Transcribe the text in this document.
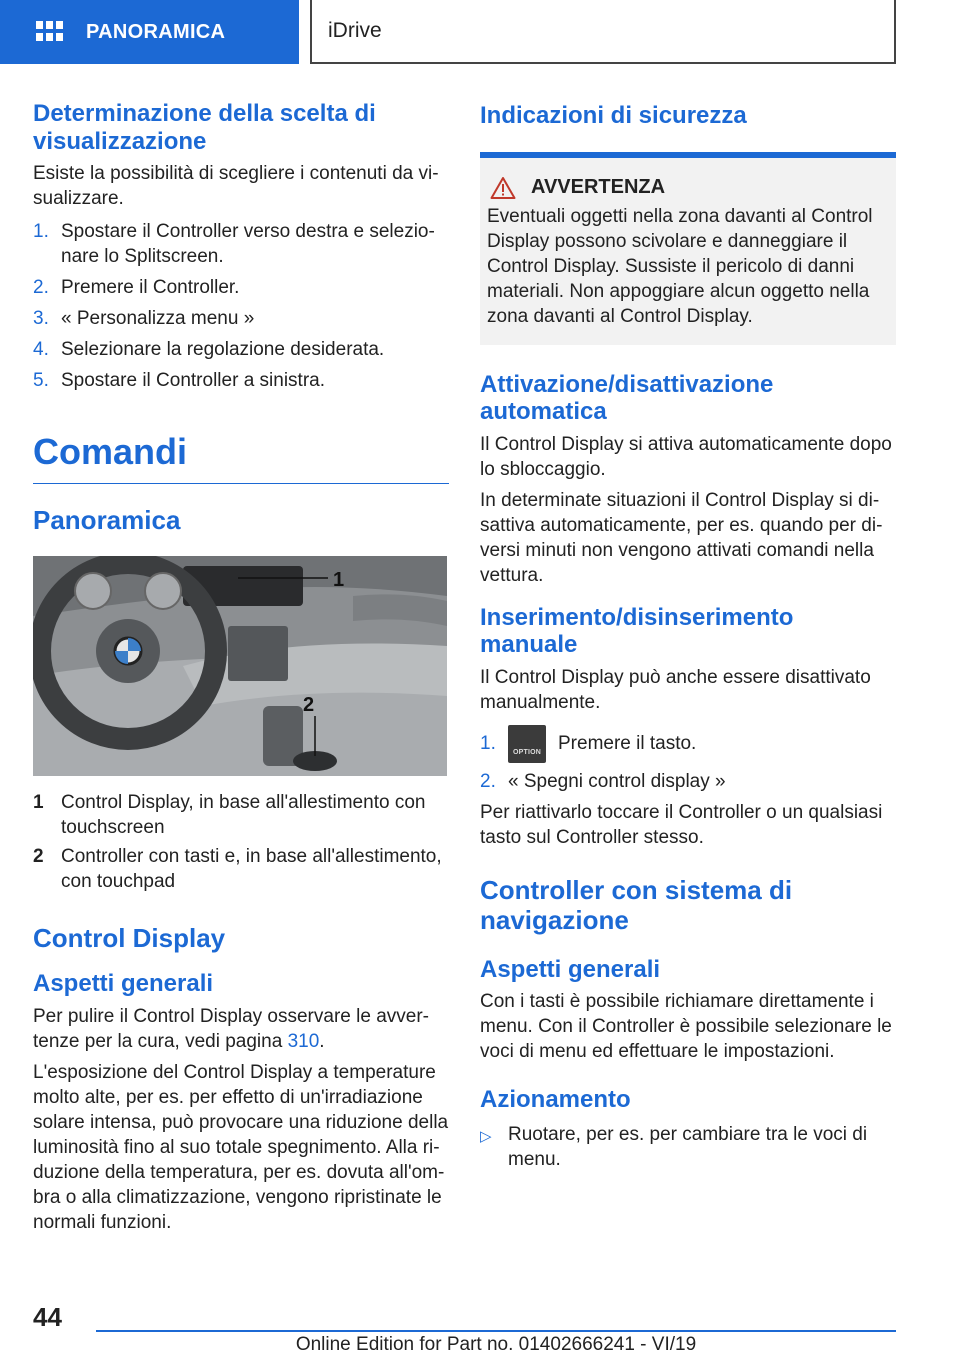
PANORAMICA	iDrive
Determinazione della scelta di visualizzazione
Esiste la possibilità di scegliere i contenuti da visualizzare.
1. Spostare il Controller verso destra e selezionare lo Splitscreen.
2. Premere il Controller.
3. « Personalizza menu »
4. Selezionare la regolazione desiderata.
5. Spostare il Controller a sinistra.
Comandi
Panoramica
1
2
1 Control Display, in base all'allestimento con touchscreen
2 Controller con tasti e, in base all'allestimento, con touchpad
Control Display
Aspetti generali
Per pulire il Control Display osservare le avvertenze per la cura, vedi pagina 310.
L'esposizione del Control Display a temperature molto alte, per es. per effetto di un'irradiazione solare intensa, può provocare una riduzione della luminosità fino al suo totale spegnimento. Alla riduzione della temperatura, per es. dovuta all'ombra o alla climatizzazione, vengono ripristinate le normali funzioni.
Indicazioni di sicurezza
AVVERTENZA
Eventuali oggetti nella zona davanti al Control Display possono scivolare e danneggiare il Control Display. Sussiste il pericolo di danni materiali. Non appoggiare alcun oggetto nella zona davanti al Control Display.
Attivazione/disattivazione automatica
Il Control Display si attiva automaticamente dopo lo sbloccaggio.
In determinate situazioni il Control Display si disattiva automaticamente, per es. quando per diversi minuti non vengono attivati comandi nella vettura.
Inserimento/disinserimento manuale
Il Control Display può anche essere disattivato manualmente.
1.	OPTION Premere il tasto.
2. « Spegni control display »
Per riattivarlo toccare il Controller o un qualsiasi tasto sul Controller stesso.
Controller con sistema di navigazione
Aspetti generali
Con i tasti è possibile richiamare direttamente i menu. Con il Controller è possibile selezionare le voci di menu ed effettuare le impostazioni.
Azionamento
▷ Ruotare, per es. per cambiare tra le voci di menu.
44
Online Edition for Part no. 01402666241 - VI/19
